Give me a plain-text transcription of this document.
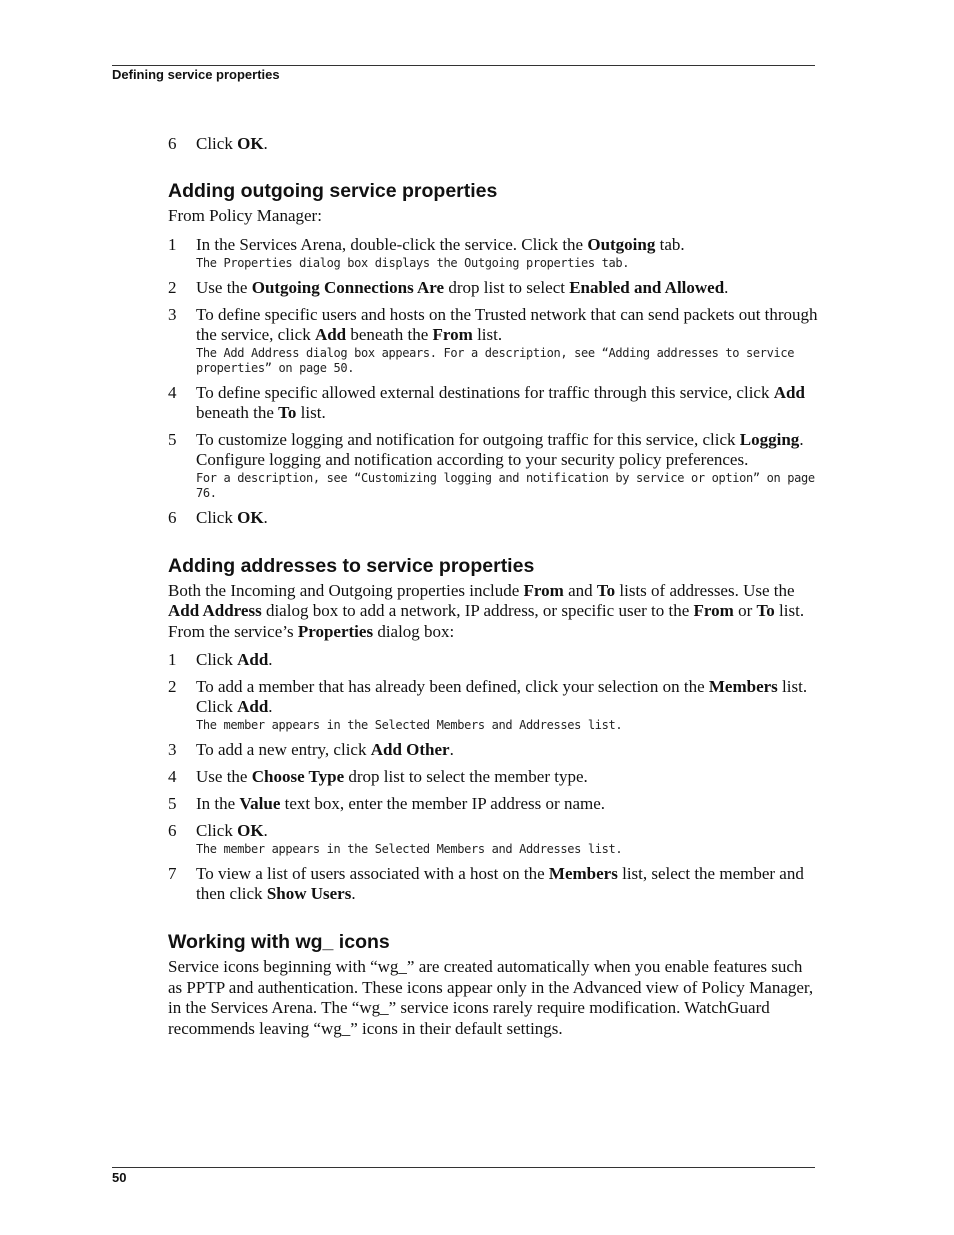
Defining service properties
6 Click OK.
Adding outgoing service properties
From Policy Manager:
1 In the Services Arena, double-click the service. Click the Outgoing tab.
The Properties dialog box displays the Outgoing properties tab.
2 Use the Outgoing Connections Are drop list to select Enabled and Allowed.
3 To define specific users and hosts on the Trusted network that can send packets out through the service, click Add beneath the From list.
The Add Address dialog box appears. For a description, see “Adding addresses to service properties” on page 50.
4 To define specific allowed external destinations for traffic through this service, click Add beneath the To list.
5 To customize logging and notification for outgoing traffic for this service, click Logging. Configure logging and notification according to your security policy preferences.
For a description, see “Customizing logging and notification by service or option” on page 76.
6 Click OK.
Adding addresses to service properties
Both the Incoming and Outgoing properties include From and To lists of addresses. Use the Add Address dialog box to add a network, IP address, or specific user to the From or To list. From the service’s Properties dialog box:
1 Click Add.
2 To add a member that has already been defined, click your selection on the Members list. Click Add.
The member appears in the Selected Members and Addresses list.
3 To add a new entry, click Add Other.
4 Use the Choose Type drop list to select the member type.
5 In the Value text box, enter the member IP address or name.
6 Click OK.
The member appears in the Selected Members and Addresses list.
7 To view a list of users associated with a host on the Members list, select the member and then click Show Users.
Working with wg_ icons
Service icons beginning with “wg_” are created automatically when you enable features such as PPTP and authentication. These icons appear only in the Advanced view of Policy Manager, in the Services Arena. The “wg_” service icons rarely require modification. WatchGuard recommends leaving “wg_” icons in their default settings.
50
